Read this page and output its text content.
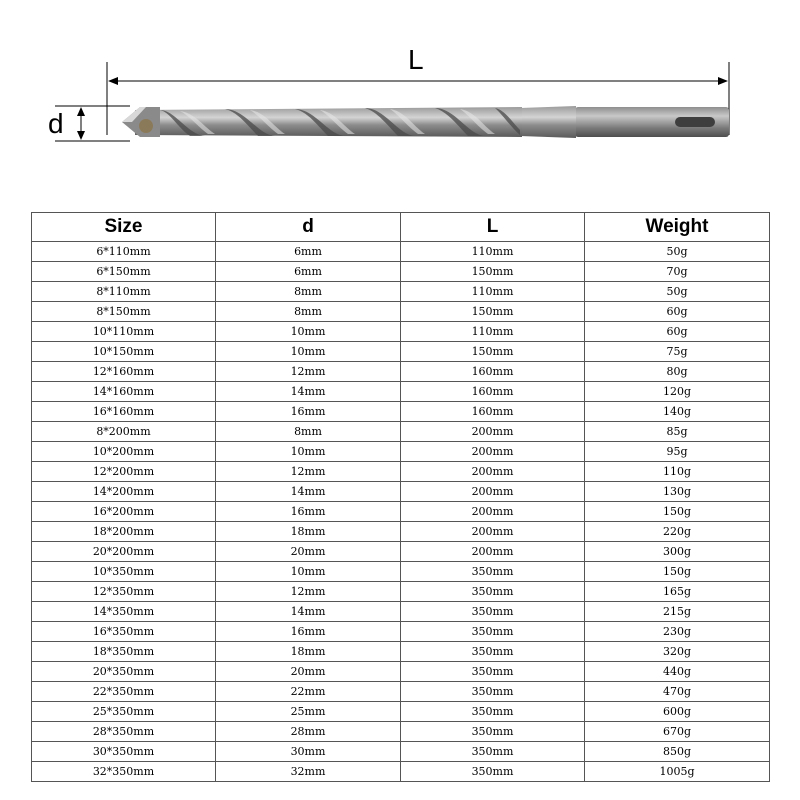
L
d
Size	d	L	Weight
6*110mm	6mm	110mm	50g
6*150mm	6mm	150mm	70g
8*110mm	8mm	110mm	50g
8*150mm	8mm	150mm	60g
10*110mm	10mm	110mm	60g
10*150mm	10mm	150mm	75g
12*160mm	12mm	160mm	80g
14*160mm	14mm	160mm	120g
16*160mm	16mm	160mm	140g
8*200mm	8mm	200mm	85g
10*200mm	10mm	200mm	95g
12*200mm	12mm	200mm	110g
14*200mm	14mm	200mm	130g
16*200mm	16mm	200mm	150g
18*200mm	18mm	200mm	220g
20*200mm	20mm	200mm	300g
10*350mm	10mm	350mm	150g
12*350mm	12mm	350mm	165g
14*350mm	14mm	350mm	215g
16*350mm	16mm	350mm	230g
18*350mm	18mm	350mm	320g
20*350mm	20mm	350mm	440g
22*350mm	22mm	350mm	470g
25*350mm	25mm	350mm	600g
28*350mm	28mm	350mm	670g
30*350mm	30mm	350mm	850g
32*350mm	32mm	350mm	1005g
